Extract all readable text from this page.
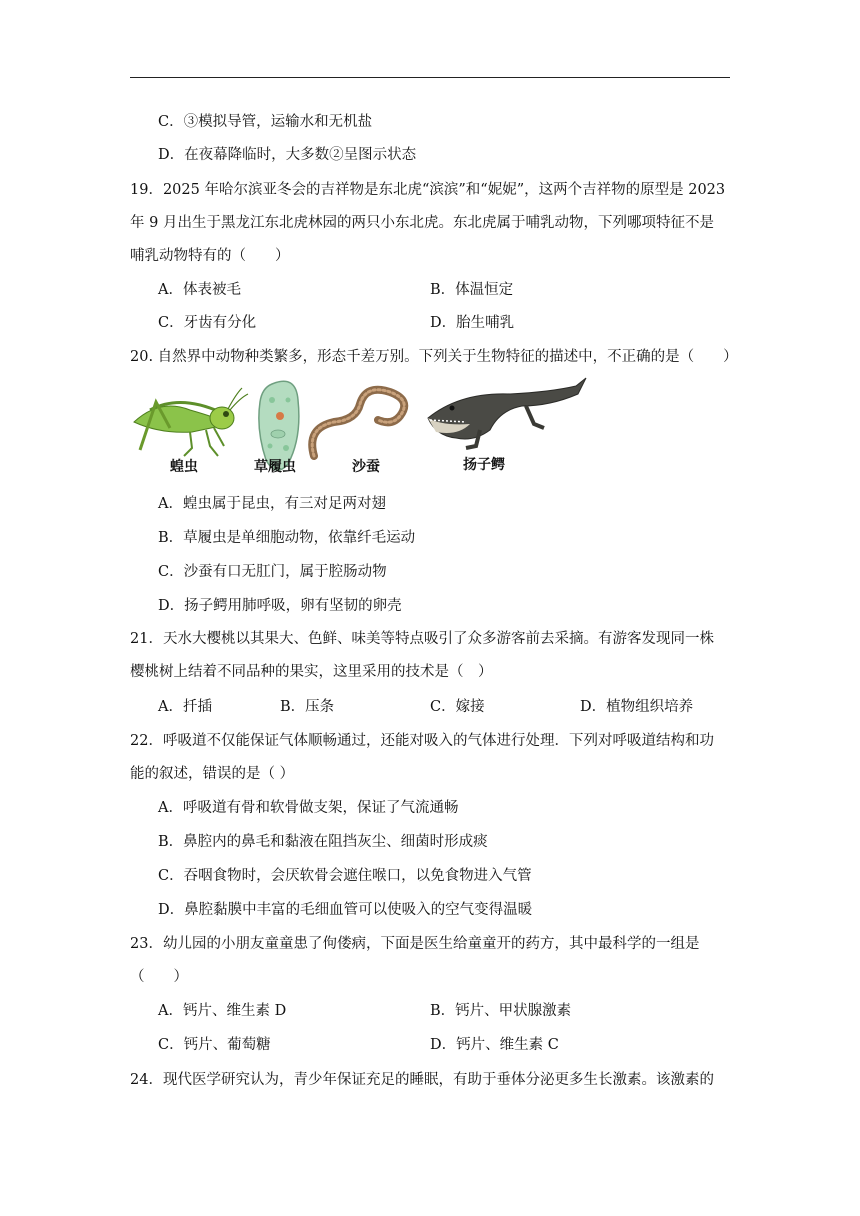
C．③模拟导管，运输水和无机盐
D．在夜幕降临时，大多数②呈图示状态
19．2025 年哈尔滨亚冬会的吉祥物是东北虎“滨滨”和“妮妮”，这两个吉祥物的原型是 2023
年 9 月出生于黑龙江东北虎林园的两只小东北虎。东北虎属于哺乳动物，下列哪项特征不是
哺乳动物特有的（　　）
A．体表被毛	B．体温恒定
C．牙齿有分化	D．胎生哺乳
20. 自然界中动物种类繁多，形态千差万别。下列关于生物特征的描述中，不正确的是（　　）
蝗虫	草履虫	沙蚕	扬子鳄
A．蝗虫属于昆虫，有三对足两对翅
B．草履虫是单细胞动物，依靠纤毛运动
C．沙蚕有口无肛门，属于腔肠动物
D．扬子鳄用肺呼吸，卵有坚韧的卵壳
21．天水大樱桃以其果大、色鲜、味美等特点吸引了众多游客前去采摘。有游客发现同一株
樱桃树上结着不同品种的果实，这里采用的技术是（　）
A．扦插	B．压条	C．嫁接	D．植物组织培养
22．呼吸道不仅能保证气体顺畅通过，还能对吸入的气体进行处理．下列对呼吸道结构和功
能的叙述，错误的是（ ）
A．呼吸道有骨和软骨做支架，保证了气流通畅
B．鼻腔内的鼻毛和黏液在阻挡灰尘、细菌时形成痰
C．吞咽食物时，会厌软骨会遮住喉口，以免食物进入气管
D．鼻腔黏膜中丰富的毛细血管可以使吸入的空气变得温暖
23．幼儿园的小朋友童童患了佝偻病，下面是医生给童童开的药方，其中最科学的一组是
（　　）
A．钙片、维生素 D	B．钙片、甲状腺激素
C．钙片、葡萄糖	D．钙片、维生素 C
24．现代医学研究认为，青少年保证充足的睡眠，有助于垂体分泌更多生长激素。该激素的
